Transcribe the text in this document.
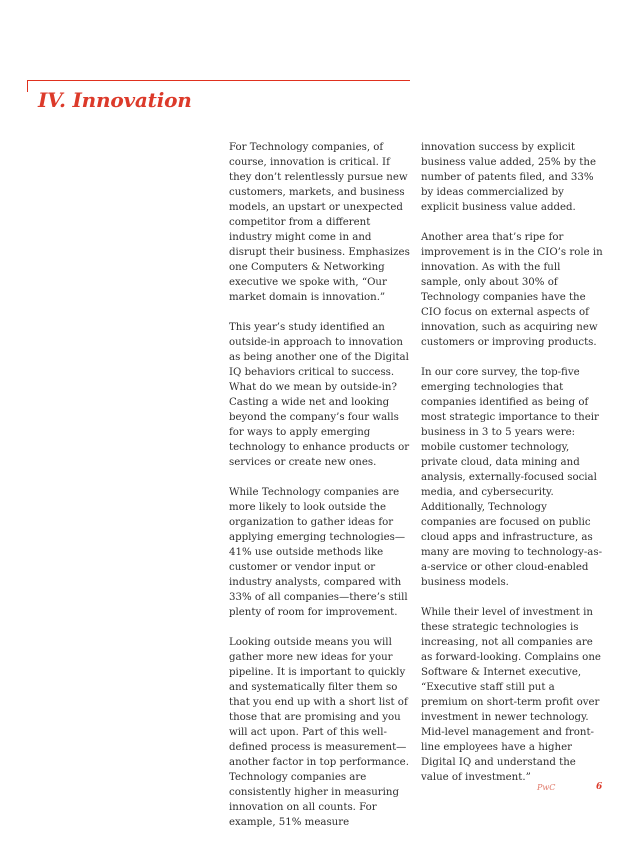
IV. Innovation

For Technology companies, of course, innovation is critical. If they don’t relentlessly pursue new customers, markets, and business models, an upstart or unexpected competitor from a different industry might come in and disrupt their business. Emphasizes one Computers & Networking executive we spoke with, “Our market domain is innovation.”

This year’s study identified an outside-in approach to innovation as being another one of the Digital IQ behaviors critical to success. What do we mean by outside-in? Casting a wide net and looking beyond the company’s four walls for ways to apply emerging technology to enhance products or services or create new ones.

While Technology companies are more likely to look outside the organization to gather ideas for applying emerging technologies—41% use outside methods like customer or vendor input or industry analysts, compared with 33% of all companies—there’s still plenty of room for improvement.

Looking outside means you will gather more new ideas for your pipeline. It is important to quickly and systematically filter them so that you end up with a short list of those that are promising and you will act upon. Part of this well-defined process is measurement—another factor in top performance. Technology companies are consistently higher in measuring innovation on all counts. For example, 51% measure

innovation success by explicit business value added, 25% by the number of patents filed, and 33% by ideas commercialized by explicit business value added.

Another area that’s ripe for improvement is in the CIO’s role in innovation. As with the full sample, only about 30% of Technology companies have the CIO focus on external aspects of innovation, such as acquiring new customers or improving products.

In our core survey, the top-five emerging technologies that companies identified as being of most strategic importance to their business in 3 to 5 years were: mobile customer technology, private cloud, data mining and analysis, externally-focused social media, and cybersecurity. Additionally, Technology companies are focused on public cloud apps and infrastructure, as many are moving to technology-as-a-service or other cloud-enabled business models.

While their level of investment in these strategic technologies is increasing, not all companies are as forward-looking. Complains one Software & Internet executive, “Executive staff still put a premium on short-term profit over investment in newer technology. Mid-level management and front-line employees have a higher Digital IQ and understand the value of investment.”

PwC	6
